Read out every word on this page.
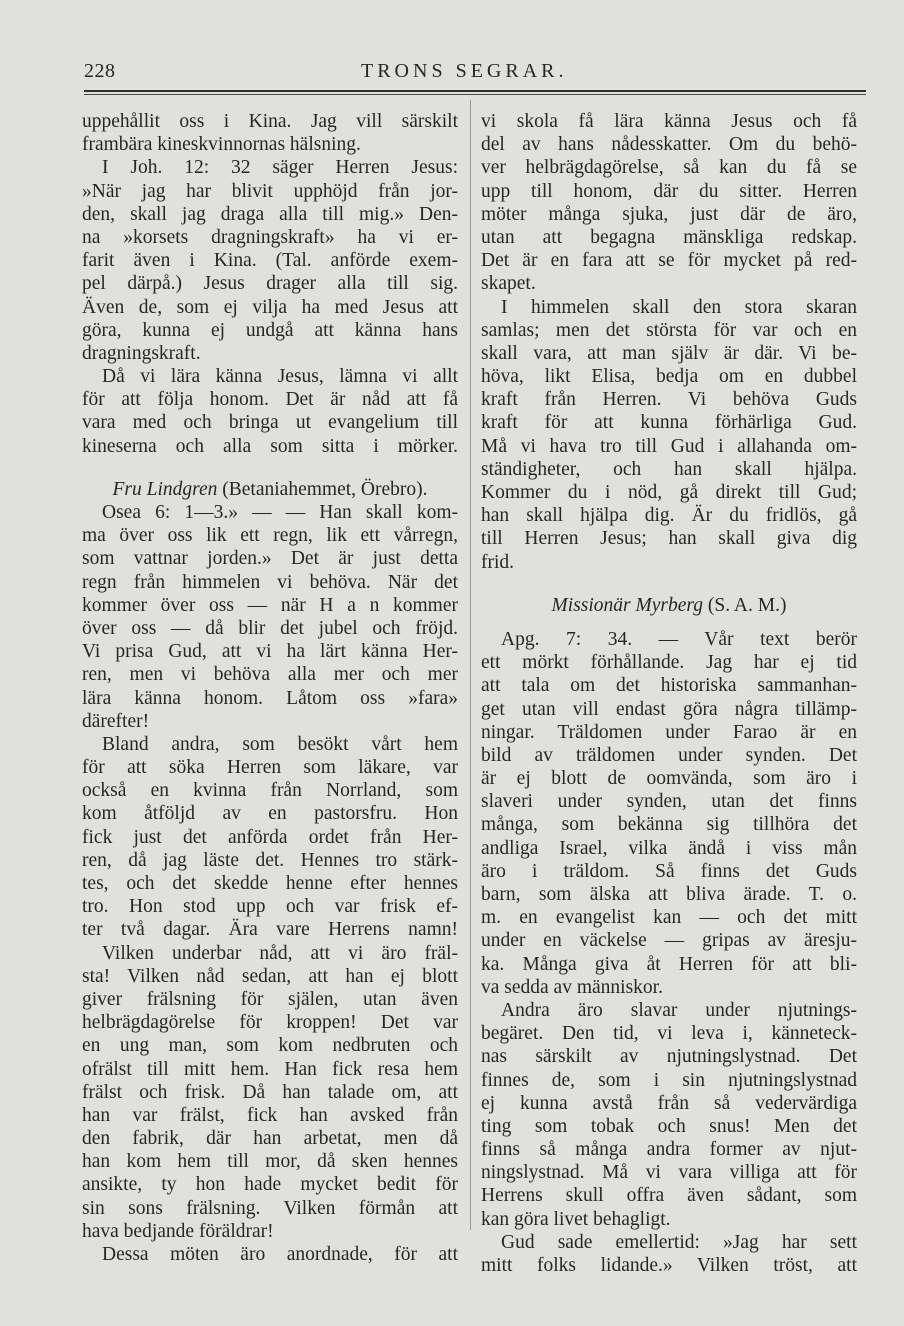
228	TRONS SEGRAR.
uppehållit oss i Kina. Jag vill särskilt
frambära kineskvinnornas hälsning.
I Joh. 12: 32 säger Herren Jesus:
»När jag har blivit upphöjd från jor-
den, skall jag draga alla till mig.» Den-
na »korsets dragningskraft» ha vi er-
farit även i Kina. (Tal. anförde exem-
pel därpå.) Jesus drager alla till sig.
Även de, som ej vilja ha med Jesus att
göra, kunna ej undgå att känna hans
dragningskraft.
Då vi lära känna Jesus, lämna vi allt
för att följa honom. Det är nåd att få
vara med och bringa ut evangelium till
kineserna och alla som sitta i mörker.
Fru Lindgren (Betaniahemmet, Örebro).
Osea 6: 1—3.» — — Han skall kom-
ma över oss lik ett regn, lik ett vårregn,
som vattnar jorden.» Det är just detta
regn från himmelen vi behöva. När det
kommer över oss — när H a n kommer
över oss — då blir det jubel och fröjd.
Vi prisa Gud, att vi ha lärt känna Her-
ren, men vi behöva alla mer och mer
lära känna honom. Låtom oss »fara»
därefter!
Bland andra, som besökt vårt hem
för att söka Herren som läkare, var
också en kvinna från Norrland, som
kom åtföljd av en pastorsfru. Hon
fick just det anförda ordet från Her-
ren, då jag läste det. Hennes tro stärk-
tes, och det skedde henne efter hennes
tro. Hon stod upp och var frisk ef-
ter två dagar. Ära vare Herrens namn!
Vilken underbar nåd, att vi äro fräl-
sta! Vilken nåd sedan, att han ej blott
giver frälsning för själen, utan även
helbrägdagörelse för kroppen! Det var
en ung man, som kom nedbruten och
ofrälst till mitt hem. Han fick resa hem
frälst och frisk. Då han talade om, att
han var frälst, fick han avsked från
den fabrik, där han arbetat, men då
han kom hem till mor, då sken hennes
ansikte, ty hon hade mycket bedit för
sin sons frälsning. Vilken förmån att
hava bedjande föräldrar!
Dessa möten äro anordnade, för att
vi skola få lära känna Jesus och få
del av hans nådesskatter. Om du behö-
ver helbrägdagörelse, så kan du få se
upp till honom, där du sitter. Herren
möter många sjuka, just där de äro,
utan att begagna mänskliga redskap.
Det är en fara att se för mycket på red-
skapet.
I himmelen skall den stora skaran
samlas; men det största för var och en
skall vara, att man själv är där. Vi be-
höva, likt Elisa, bedja om en dubbel
kraft från Herren. Vi behöva Guds
kraft för att kunna förhärliga Gud.
Må vi hava tro till Gud i allahanda om-
ständigheter, och han skall hjälpa.
Kommer du i nöd, gå direkt till Gud;
han skall hjälpa dig. Är du fridlös, gå
till Herren Jesus; han skall giva dig
frid.
Missionär Myrberg (S. A. M.)
Apg. 7: 34. — Vår text berör
ett mörkt förhållande. Jag har ej tid
att tala om det historiska sammanhan-
get utan vill endast göra några tillämp-
ningar. Träldomen under Farao är en
bild av träldomen under synden. Det
är ej blott de oomvända, som äro i
slaveri under synden, utan det finns
många, som bekänna sig tillhöra det
andliga Israel, vilka ändå i viss mån
äro i träldom. Så finns det Guds
barn, som älska att bliva ärade. T. o.
m. en evangelist kan — och det mitt
under en väckelse — gripas av äresju-
ka. Många giva åt Herren för att bli-
va sedda av människor.
Andra äro slavar under njutnings-
begäret. Den tid, vi leva i, känneteck-
nas särskilt av njutningslystnad. Det
finnes de, som i sin njutningslystnad
ej kunna avstå från så vedervärdiga
ting som tobak och snus! Men det
finns så många andra former av njut-
ningslystnad. Må vi vara villiga att för
Herrens skull offra även sådant, som
kan göra livet behagligt.
Gud sade emellertid: »Jag har sett
mitt folks lidande.» Vilken tröst, att
